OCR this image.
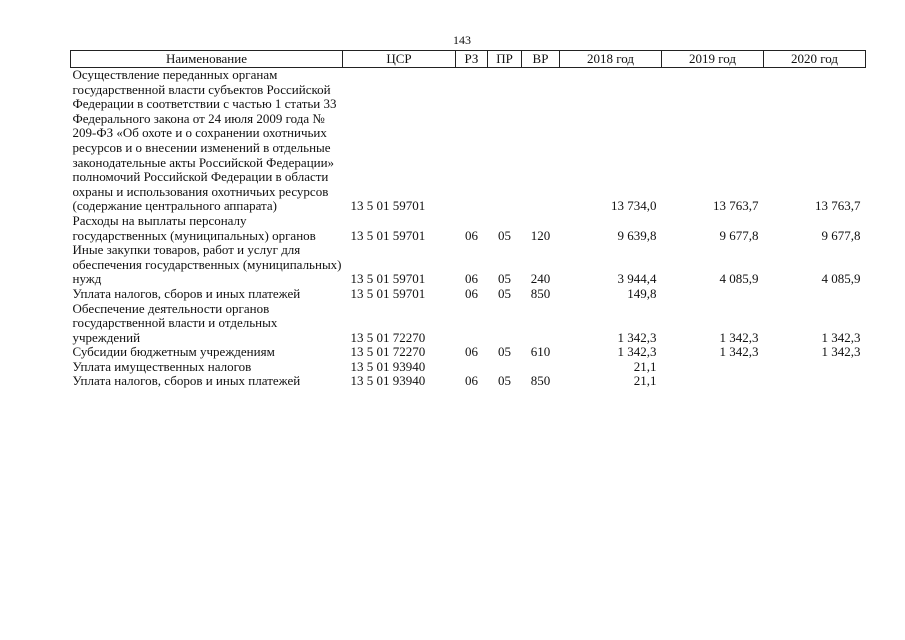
143
Наименование	ЦСР	РЗ	ПР	ВР	2018 год	2019 год	2020 год
Осуществление переданных органам государственной власти субъектов Российской Федерации в соответствии с частью 1 статьи 33 Федерального закона от 24 июля 2009 года № 209-ФЗ «Об охоте и о сохранении охотничьих ресурсов и о внесении изменений в отдельные законодательные акты Российской Федерации» полномочий Российской Федерации в области охраны и использования охотничьих ресурсов (содержание центрального аппарата)	13 5 01 59701				13 734,0	13 763,7	13 763,7
Расходы на выплаты персоналу государственных (муниципальных) органов	13 5 01 59701	06	05	120	9 639,8	9 677,8	9 677,8
Иные закупки товаров, работ и услуг для обеспечения государственных (муниципальных) нужд	13 5 01 59701	06	05	240	3 944,4	4 085,9	4 085,9
Уплата налогов, сборов и иных платежей	13 5 01 59701	06	05	850	149,8		
Обеспечение деятельности органов государственной власти и отдельных учреждений	13 5 01 72270				1 342,3	1 342,3	1 342,3
Субсидии бюджетным учреждениям	13 5 01 72270	06	05	610	1 342,3	1 342,3	1 342,3
Уплата имущественных налогов	13 5 01 93940				21,1		
Уплата налогов, сборов и иных платежей	13 5 01 93940	06	05	850	21,1		
